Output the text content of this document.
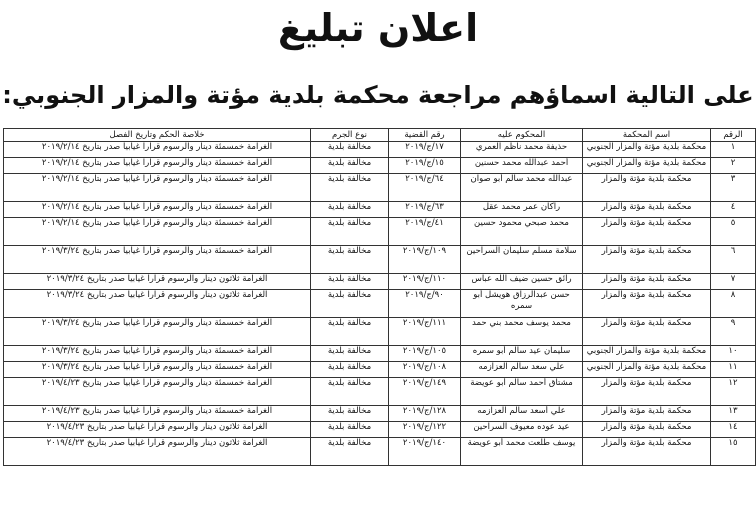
اعلان تبليغ
على التالية اسماؤهم مراجعة محكمة بلدية مؤتة والمزار الجنوبي:
الرقم	اسم المحكمة	المحكوم عليه	رقم القضية	نوع الجرم	خلاصة الحكم وتاريخ الفصل
١	محكمة بلدية مؤتة والمزار الجنوبي	حذيفة محمد ناظم العمري	١٧/ج/٢٠١٩	مخالفة بلدية	الغرامة خمسمئة دينار والرسوم قرارا غيابيا صدر بتاريخ ٢٠١٩/٢/١٤
٢	محكمة بلدية مؤتة والمزار الجنوبي	أحمد عبدالله محمد حسنين	١٥/ج/٢٠١٩	مخالفة بلدية	الغرامة خمسمئة دينار والرسوم قرارا غيابيا صدر بتاريخ ٢٠١٩/٢/١٤
٣	محكمة بلدية مؤتة والمزار	عبدالله محمد سالم أبو صوان	٦٤/ج/٢٠١٩	مخالفة بلدية	الغرامة خمسمئة دينار والرسوم قرارا غيابيا صدر بتاريخ ٢٠١٩/٢/١٤
٤	محكمة بلدية مؤتة والمزار	راكان عمر محمد عقل	٦٣/ج/٢٠١٩	مخالفة بلدية	الغرامة خمسمئة دينار والرسوم قرارا غيابيا صدر بتاريخ ٢٠١٩/٢/١٤
٥	محكمة بلدية مؤتة والمزار	محمد صبحي محمود حسين	٤١/ج/٢٠١٩	مخالفة بلدية	الغرامة خمسمئة دينار والرسوم قرارا غيابيا صدر بتاريخ ٢٠١٩/٢/١٤
٦	محكمة بلدية مؤتة والمزار	سلامة مسلم سليمان السراحين	١٠٩/ج/٢٠١٩	مخالفة بلدية	الغرامة خمسمئة دينار والرسوم قرارا غيابيا صدر بتاريخ ٢٠١٩/٣/٢٤
٧	محكمة بلدية مؤتة والمزار	رائق حسين ضيف الله عباس	١١٠/ج/٢٠١٩	مخالفة بلدية	الغرامة ثلاثون دينار والرسوم قرارا غيابيا صدر بتاريخ ٢٠١٩/٣/٢٤
٨	محكمة بلدية مؤتة والمزار	حسن عبدالرزاق هويشل أبو سمره	٩٠/ج/٢٠١٩	مخالفة بلدية	الغرامة ثلاثون دينار والرسوم قرارا غيابيا صدر بتاريخ ٢٠١٩/٣/٢٤
٩	محكمة بلدية مؤتة والمزار	محمد يوسف محمد بني حمد	١١١/ج/٢٠١٩	مخالفة بلدية	الغرامة خمسمئة دينار والرسوم قرارا غيابيا صدر بتاريخ ٢٠١٩/٣/٢٤
١٠	محكمة بلدية مؤتة والمزار الجنوبي	سليمان عيد سالم أبو سمره	١٠٥/ج/٢٠١٩	مخالفة بلدية	الغرامة خمسمئة دينار والرسوم قرارا غيابيا صدر بتاريخ ٢٠١٩/٣/٢٤
١١	محكمة بلدية مؤتة والمزار الجنوبي	علي سعد سالم العزازمه	١٠٨/ج/٢٠١٩	مخالفة بلدية	الغرامة خمسمئة دينار والرسوم قرارا غيابيا صدر بتاريخ ٢٠١٩/٣/٢٤
١٢	محكمة بلدية مؤتة والمزار	مشتاق أحمد سالم أبو عويضة	١٤٩/ج/٢٠١٩	مخالفة بلدية	الغرامة خمسمئة دينار والرسوم قرارا غيابيا صدر بتاريخ ٢٠١٩/٤/٢٣
١٣	محكمة بلدية مؤتة والمزار	علي أسعد سالم العزازمه	١٢٨/ج/٢٠١٩	مخالفة بلدية	الغرامة خمسمئة دينار والرسوم قرارا غيابيا صدر بتاريخ ٢٠١٩/٤/٢٣
١٤	محكمة بلدية مؤتة والمزار	عيد عوده معيوف السراحين	١٢٢/ج/٢٠١٩	مخالفة بلدية	الغرامة ثلاثون دينار والرسوم قرارا غيابيا صدر بتاريخ ٢٠١٩/٤/٢٣
١٥	محكمة بلدية مؤتة والمزار	يوسف طلعت محمد أبو عويضة	١٤٠/ج/٢٠١٩	مخالفة بلدية	الغرامة ثلاثون دينار والرسوم قرارا غيابيا صدر بتاريخ ٢٠١٩/٤/٢٣
